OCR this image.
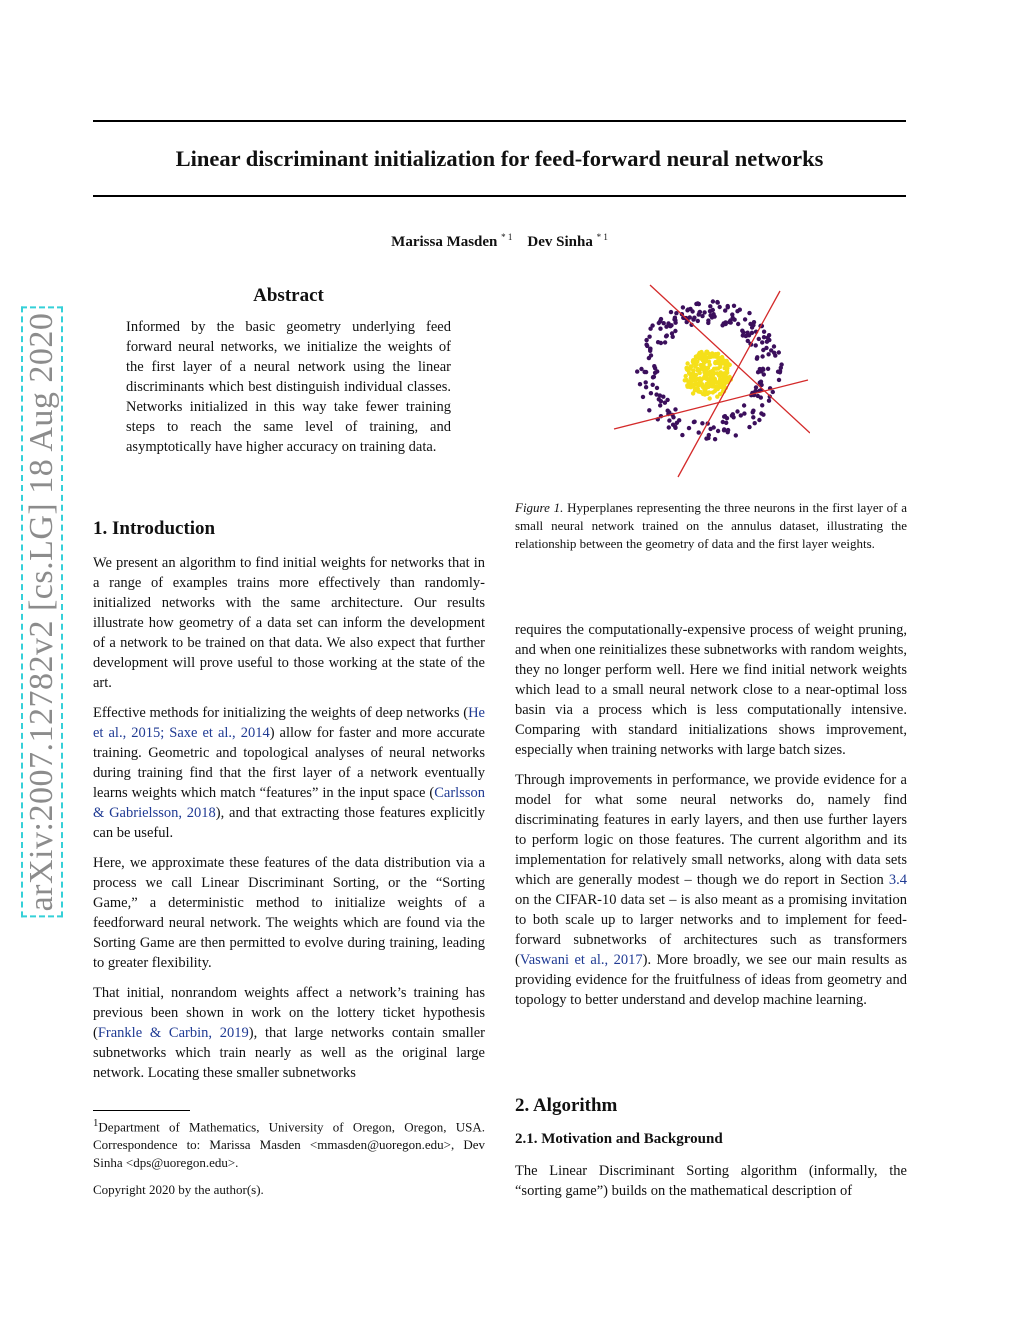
arXiv:2007.12782v2 [cs.LG] 18 Aug 2020
Linear discriminant initialization for feed-forward neural networks
Marissa Masden $^{* 1}$ Dev Sinha $^{* 1}$
Abstract
Informed by the basic geometry underlying feed forward neural networks, we initialize the weights of the first layer of a neural network using the linear discriminants which best distinguish individual classes. Networks initialized in this way take fewer training steps to reach the same level of training, and asymptotically have higher accuracy on training data.
1. Introduction

We present an algorithm to find initial weights for networks that in a range of examples trains more effectively than randomly-initialized networks with the same architecture. Our results illustrate how geometry of a data set can inform the development of a network to be trained on that data. We also expect that further development will prove useful to those working at the state of the art.

Effective methods for initializing the weights of deep networks (He et al., 2015; Saxe et al., 2014) allow for faster and more accurate training. Geometric and topological analyses of neural networks during training find that the first layer of a network eventually learns weights which match “features” in the input space (Carlsson & Gabrielsson, 2018), and that extracting those features explicitly can be useful.

Here, we approximate these features of the data distribution via a process we call Linear Discriminant Sorting, or the “Sorting Game,” a deterministic method to initialize weights of a feedforward neural network. The weights which are found via the Sorting Game are then permitted to evolve during training, leading to greater flexibility.

That initial, nonrandom weights affect a network’s training has previous been shown in work on the lottery ticket hypothesis (Frankle & Carbin, 2019), that large networks contain smaller subnetworks which train nearly as well as the original large network. Locating these smaller subnetworks

Figure 1. Hyperplanes representing the three neurons in the first layer of a small neural network trained on the annulus dataset, illustrating the relationship between the geometry of data and the first layer weights.

requires the computationally-expensive process of weight pruning, and when one reinitializes these subnetworks with random weights, they no longer perform well. Here we find initial network weights which lead to a small neural network close to a near-optimal loss basin via a process which is less computationally intensive. Comparing with standard initializations shows improvement, especially when training networks with large batch sizes.

Through improvements in performance, we provide evidence for a model for what some neural networks do, namely find discriminating features in early layers, and then use further layers to perform logic on those features. The current algorithm and its implementation for relatively small networks, along with data sets which are generally modest – though we do report in Section 3.4 on the CIFAR-10 data set – is also meant as a promising invitation to both scale up to larger networks and to implement for feed-forward subnetworks of architectures such as transformers (Vaswani et al., 2017). More broadly, we see our main results as providing evidence for the fruitfulness of ideas from geometry and topology to better understand and develop machine learning.

2. Algorithm
2.1. Motivation and Background

The Linear Discriminant Sorting algorithm (informally, the “sorting game”) builds on the mathematical description of

$^1$Department of Mathematics, University of Oregon, Oregon, USA. Correspondence to: Marissa Masden <mmasden@uoregon.edu>, Dev Sinha <dps@uoregon.edu>.
Copyright 2020 by the author(s).
